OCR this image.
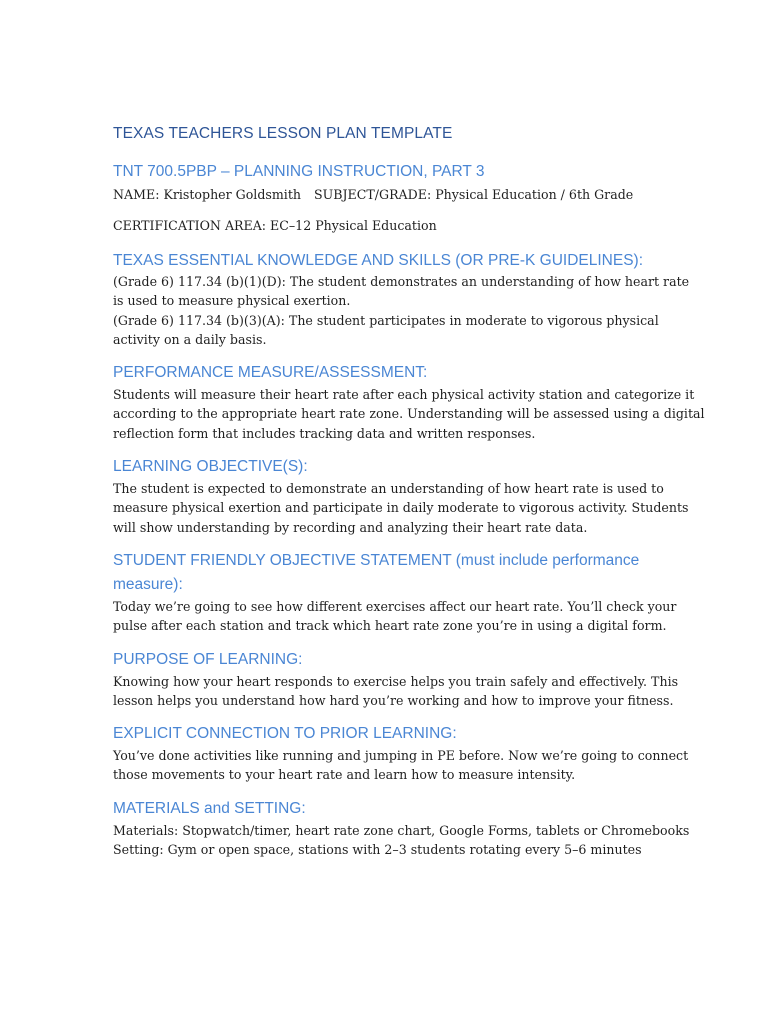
TEXAS TEACHERS LESSON PLAN TEMPLATE
TNT 700.5PBP – PLANNING INSTRUCTION, PART 3
NAME: Kristopher Goldsmith SUBJECT/GRADE: Physical Education / 6th Grade
CERTIFICATION AREA: EC–12 Physical Education
TEXAS ESSENTIAL KNOWLEDGE AND SKILLS (OR PRE-K GUIDELINES):
(Grade 6) 117.34 (b)(1)(D): The student demonstrates an understanding of how heart rate
is used to measure physical exertion.
(Grade 6) 117.34 (b)(3)(A): The student participates in moderate to vigorous physical
activity on a daily basis.
PERFORMANCE MEASURE/ASSESSMENT:
Students will measure their heart rate after each physical activity station and categorize it
according to the appropriate heart rate zone. Understanding will be assessed using a digital
reflection form that includes tracking data and written responses.
LEARNING OBJECTIVE(S):
The student is expected to demonstrate an understanding of how heart rate is used to
measure physical exertion and participate in daily moderate to vigorous activity. Students
will show understanding by recording and analyzing their heart rate data.
STUDENT FRIENDLY OBJECTIVE STATEMENT (must include performance
measure):
Today we’re going to see how different exercises affect our heart rate. You’ll check your
pulse after each station and track which heart rate zone you’re in using a digital form.
PURPOSE OF LEARNING:
Knowing how your heart responds to exercise helps you train safely and effectively. This
lesson helps you understand how hard you’re working and how to improve your fitness.
EXPLICIT CONNECTION TO PRIOR LEARNING:
You’ve done activities like running and jumping in PE before. Now we’re going to connect
those movements to your heart rate and learn how to measure intensity.
MATERIALS and SETTING:
Materials: Stopwatch/timer, heart rate zone chart, Google Forms, tablets or Chromebooks
Setting: Gym or open space, stations with 2–3 students rotating every 5–6 minutes
